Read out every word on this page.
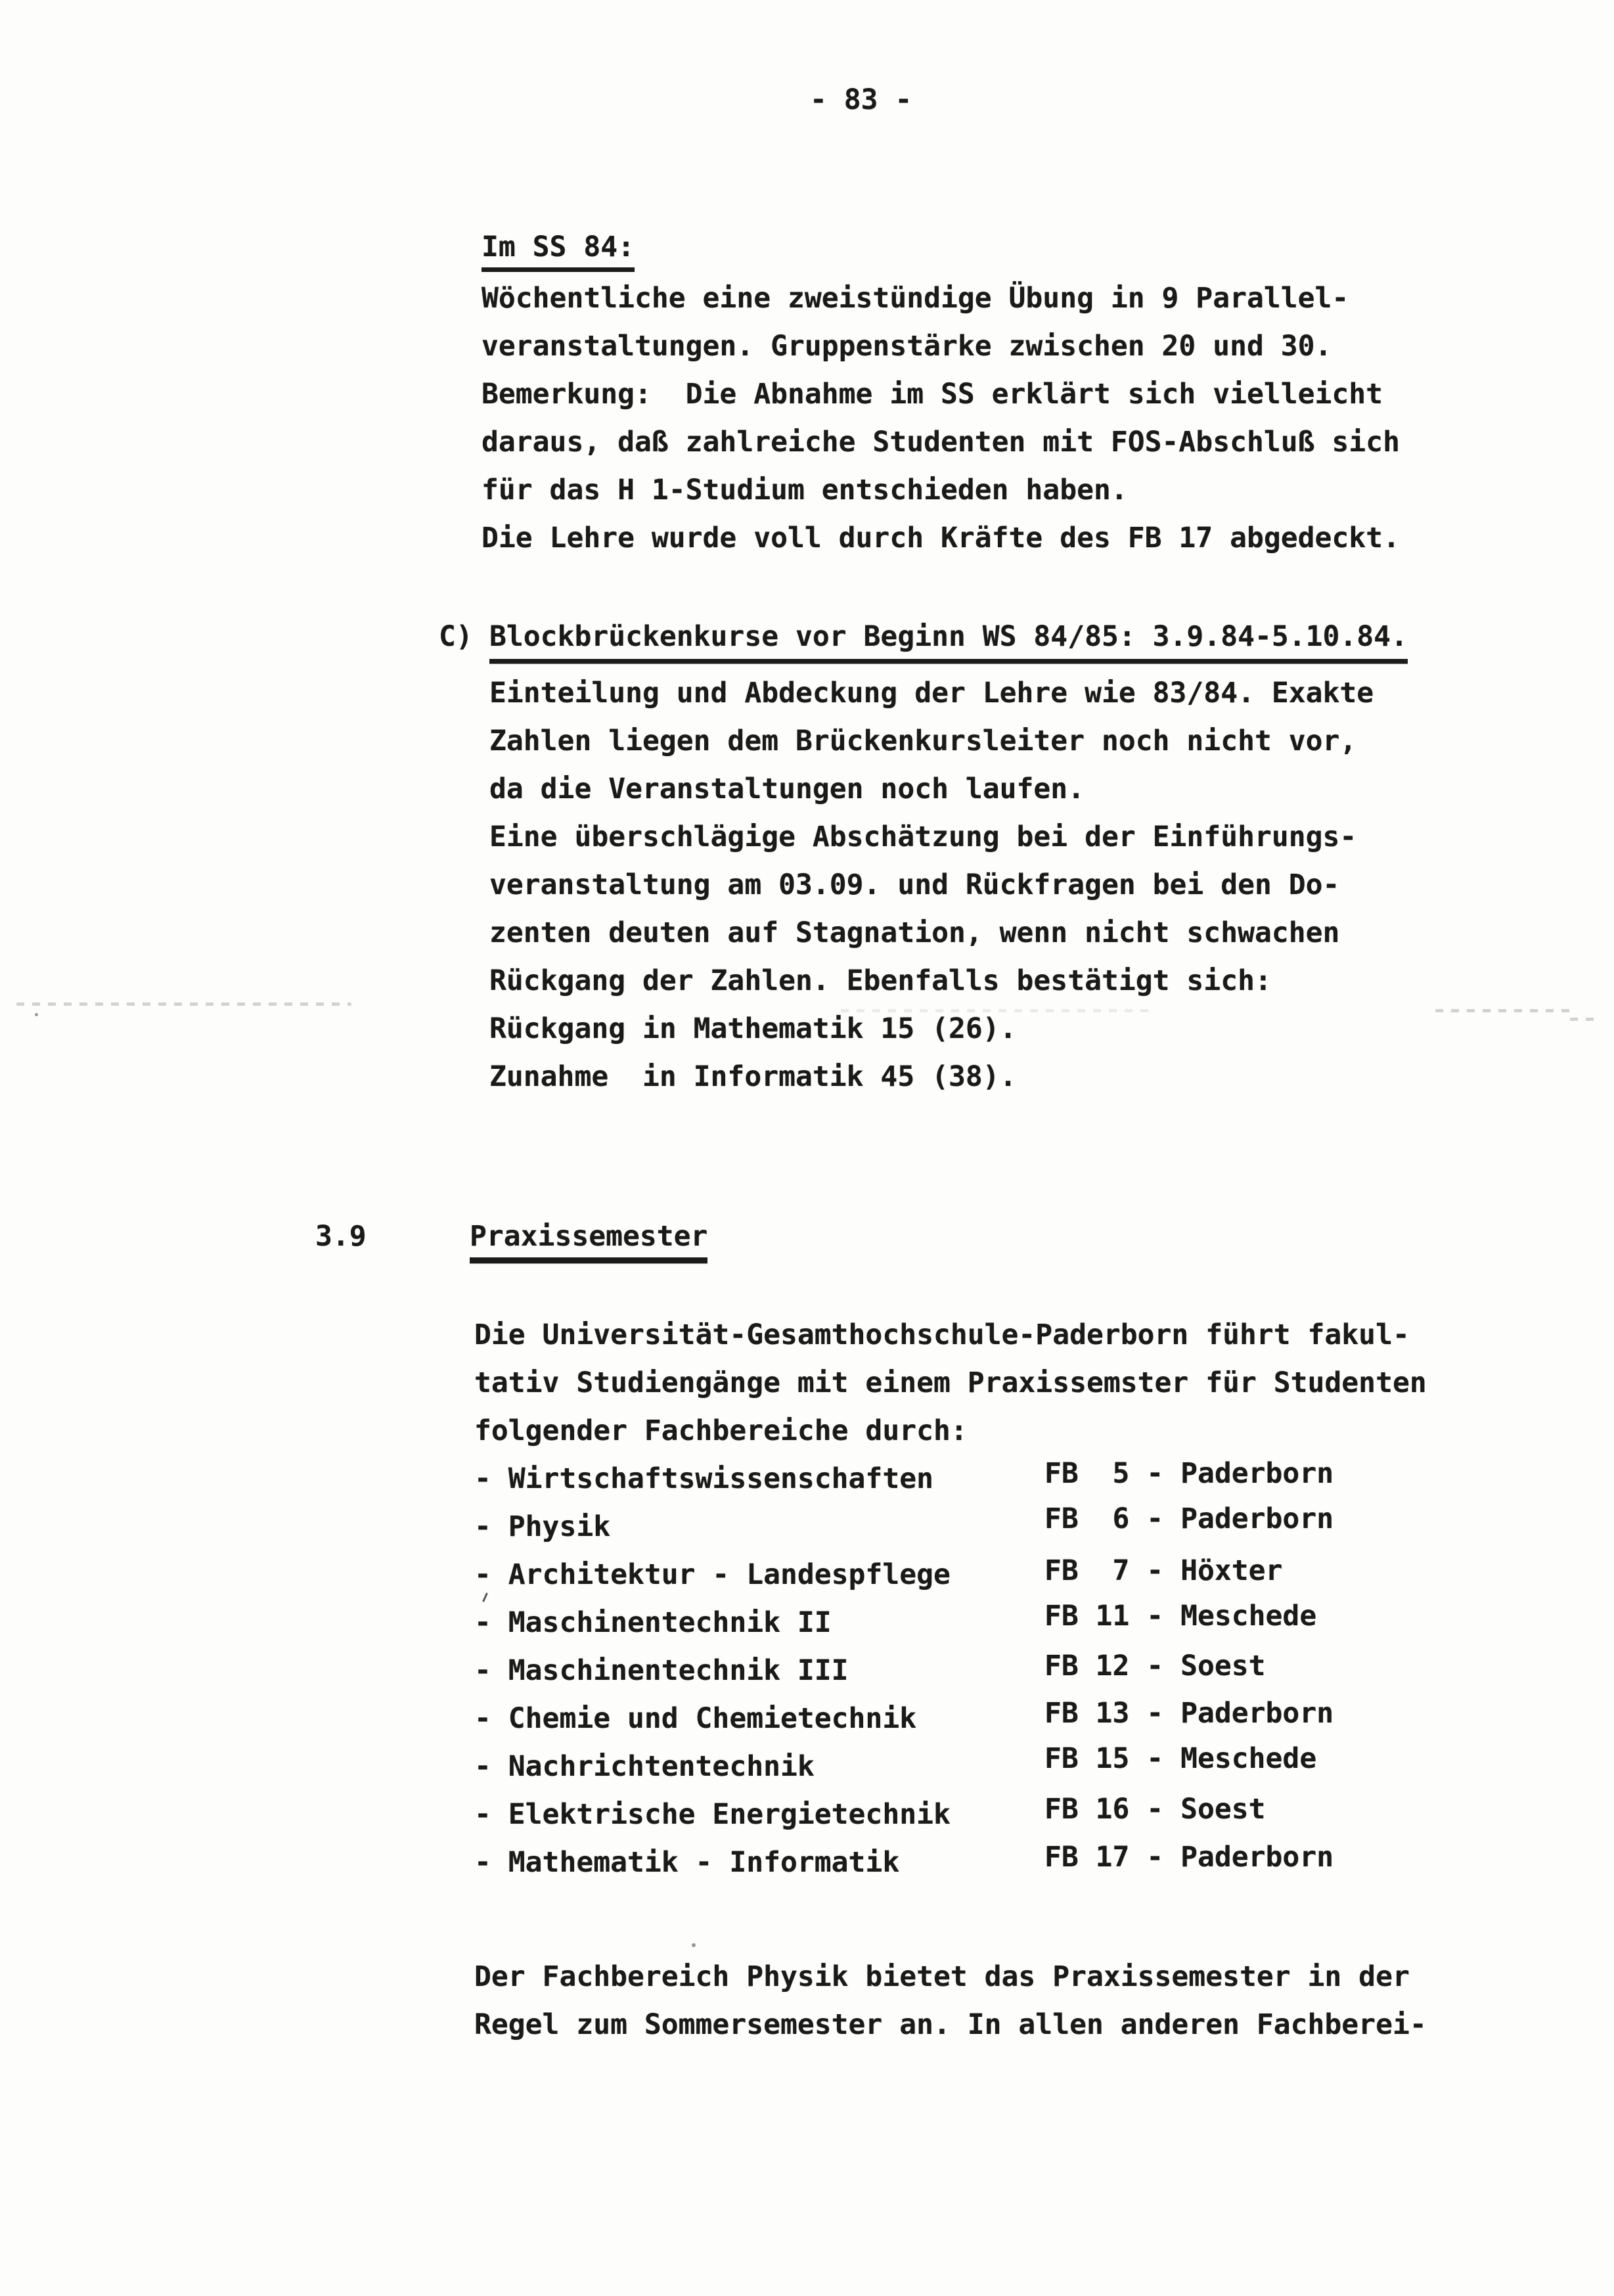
- 83 -
Im SS 84:
Wöchentliche eine zweistündige Übung in 9 Parallel-
veranstaltungen. Gruppenstärke zwischen 20 und 30.
Bemerkung:  Die Abnahme im SS erklärt sich vielleicht
daraus, daß zahlreiche Studenten mit FOS-Abschluß sich
für das H 1-Studium entschieden haben.
Die Lehre wurde voll durch Kräfte des FB 17 abgedeckt.
C) Blockbrückenkurse vor Beginn WS 84/85: 3.9.84-5.10.84.
Einteilung und Abdeckung der Lehre wie 83/84. Exakte
Zahlen liegen dem Brückenkursleiter noch nicht vor,
da die Veranstaltungen noch laufen.
Eine überschlägige Abschätzung bei der Einführungs-
veranstaltung am 03.09. und Rückfragen bei den Do-
zenten deuten auf Stagnation, wenn nicht schwachen
Rückgang der Zahlen. Ebenfalls bestätigt sich:
Rückgang in Mathematik 15 (26).
Zunahme  in Informatik 45 (38).
3.9	Praxissemester
Die Universität-Gesamthochschule-Paderborn führt fakul-
tativ Studiengänge mit einem Praxissemster für Studenten
folgender Fachbereiche durch:
- Wirtschaftswissenschaften	FB  5 - Paderborn
- Physik	FB  6 - Paderborn
- Architektur - Landespflege	FB  7 - Höxter
- Maschinentechnik II	FB 11 - Meschede
- Maschinentechnik III	FB 12 - Soest
- Chemie und Chemietechnik	FB 13 - Paderborn
- Nachrichtentechnik	FB 15 - Meschede
- Elektrische Energietechnik	FB 16 - Soest
- Mathematik - Informatik	FB 17 - Paderborn
Der Fachbereich Physik bietet das Praxissemester in der
Regel zum Sommersemester an. In allen anderen Fachberei-
